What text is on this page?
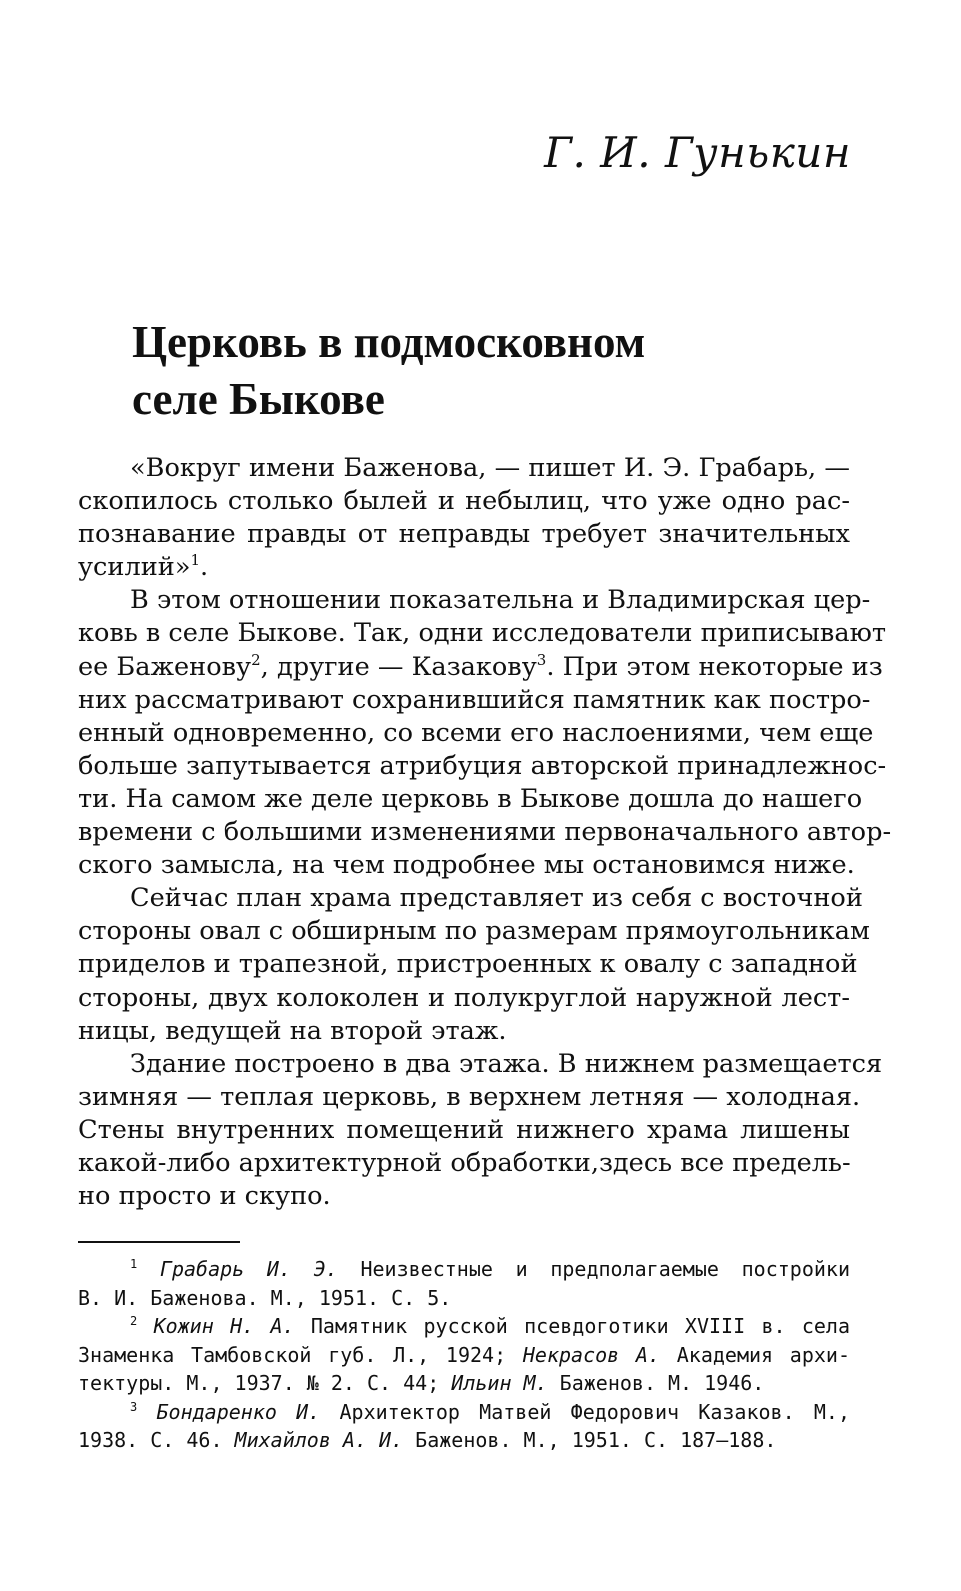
Г. И. Гунькин
Церковь в подмосковном
селе Быкове
«Вокруг имени Баженова, — пишет И. Э. Грабарь, —
скопилось столько былей и небылиц, что уже одно рас-
познавание правды от неправды требует значительных
усилий»$^1$.
В этом отношении показательна и Владимирская цер-
ковь в селе Быкове. Так, одни исследователи приписывают
ее Баженову$^2$, другие — Казакову$^3$. При этом некоторые из
них рассматривают сохранившийся памятник как постро-
енный одновременно, со всеми его наслоениями, чем еще
больше запутывается атрибуция авторской принадлежнос-
ти. На самом же деле церковь в Быкове дошла до нашего
времени с большими изменениями первоначального автор-
ского замысла, на чем подробнее мы остановимся ниже.
Сейчас план храма представляет из себя с восточной
стороны овал с обширным по размерам прямоугольникам
приделов и трапезной, пристроенных к овалу с западной
стороны, двух колоколен и полукруглой наружной лест-
ницы, ведущей на второй этаж.
Здание построено в два этажа. В нижнем размещается
зимняя — теплая церковь, в верхнем летняя — холодная.
Стены внутренних помещений нижнего храма лишены
какой-либо архитектурной обработки,здесь все предель-
но просто и скупо.
$^1$ Грабарь И. Э. Неизвестные и предполагаемые постройки
В. И. Баженова. М., 1951. С. 5.
$^2$ Кожин Н. А. Памятник русской псевдоготики XVIII в. села
Знаменка Тамбовской губ. Л., 1924; Некрасов А. Академия архи-
тектуры. М., 1937. № 2. С. 44; Ильин М. Баженов. М. 1946.
$^3$ Бондаренко И. Архитектор Матвей Федорович Казаков. М.,
1938. С. 46. Михайлов А. И. Баженов. М., 1951. С. 187–188.
